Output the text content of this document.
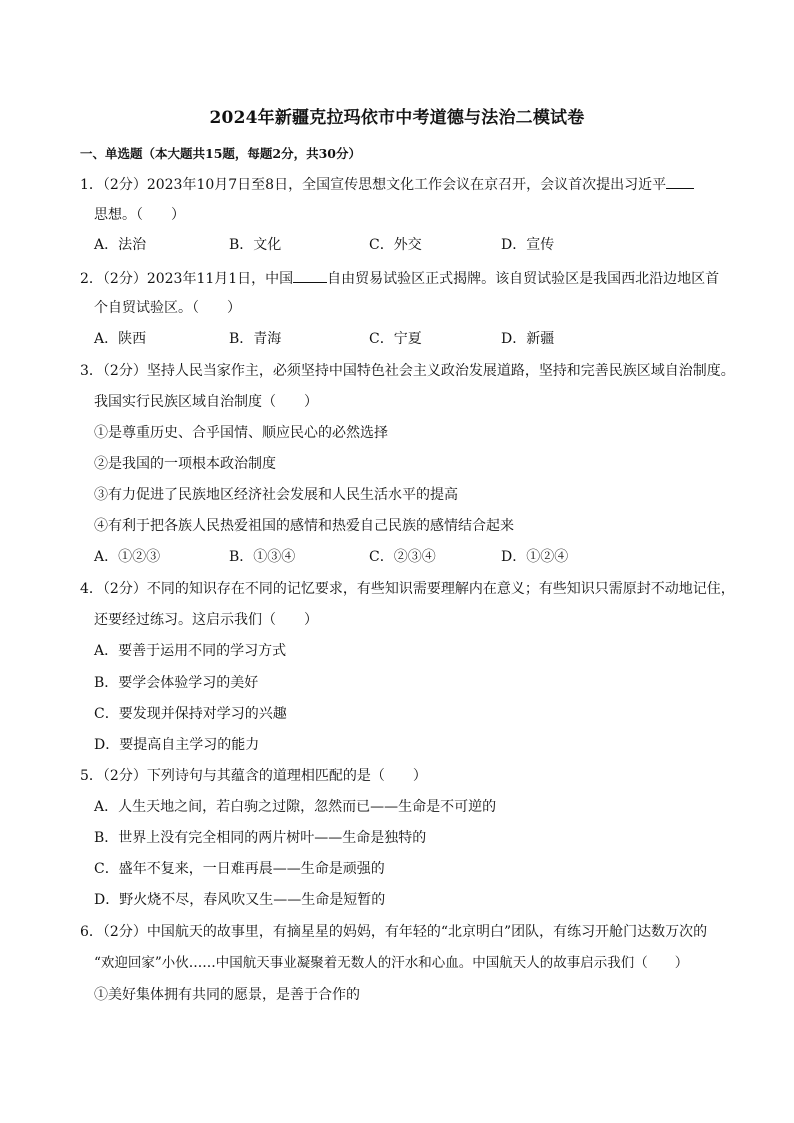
2024年新疆克拉玛依市中考道德与法治二模试卷
一、单选题（本大题共15题，每题2分，共30分）
1．（2分）2023年10月7日至8日，全国宣传思想文化工作会议在京召开，会议首次提出习近平
思想。（　　）
A．法治	B．文化	C．外交	D．宣传
2．（2分）2023年11月1日，中国 自由贸易试验区正式揭牌。该自贸试验区是我国西北沿边地区首
个自贸试验区。（　　）
A．陕西	B．青海	C．宁夏	D．新疆
3．（2分）坚持人民当家作主，必须坚持中国特色社会主义政治发展道路，坚持和完善民族区域自治制度。
我国实行民族区域自治制度（　　）
①是尊重历史、合乎国情、顺应民心的必然选择
②是我国的一项根本政治制度
③有力促进了民族地区经济社会发展和人民生活水平的提高
④有利于把各族人民热爱祖国的感情和热爱自己民族的感情结合起来
A．①②③	B．①③④	C．②③④	D．①②④
4．（2分）不同的知识存在不同的记忆要求，有些知识需要理解内在意义；有些知识只需原封不动地记住，
还要经过练习。这启示我们（　　）
A．要善于运用不同的学习方式
B．要学会体验学习的美好
C．要发现并保持对学习的兴趣
D．要提高自主学习的能力
5．（2分）下列诗句与其蕴含的道理相匹配的是（　　）
A．人生天地之间，若白驹之过隙，忽然而已——生命是不可逆的
B．世界上没有完全相同的两片树叶——生命是独特的
C．盛年不复来，一日难再晨——生命是顽强的
D．野火烧不尽，春风吹又生——生命是短暂的
6．（2分）中国航天的故事里，有摘星星的妈妈，有年轻的“北京明白”团队，有练习开舱门达数万次的
“欢迎回家”小伙……中国航天事业凝聚着无数人的汗水和心血。中国航天人的故事启示我们（　　）
①美好集体拥有共同的愿景，是善于合作的
